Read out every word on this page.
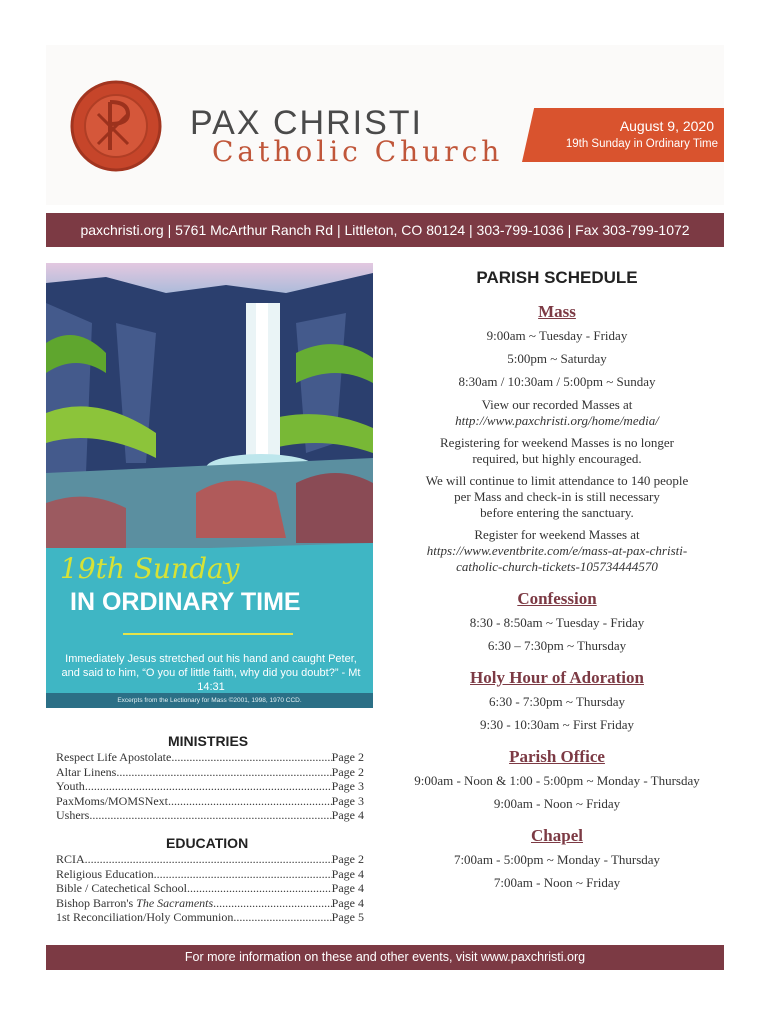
PAX CHRISTI
Catholic Church
August 9, 2020
19th Sunday in Ordinary Time
paxchristi.org | 5761 McArthur Ranch Rd | Littleton, CO 80124 | 303-799-1036 | Fax 303-799-1072
19th Sunday
IN ORDINARY TIME
Immediately Jesus stretched out his hand and caught Peter, and said to him, “O you of little faith, why did you doubt?” - Mt 14:31
Excerpts from the Lectionary for Mass ©2001, 1998, 1970 CCD.
MINISTRIES
Respect Life Apostolate .....	Page 2
Altar Linens .....	Page 2
Youth .....	Page 3
PaxMoms/MOMSNext .....	Page 3
Ushers .....	Page 4
EDUCATION
RCIA .....	Page 2
Religious Education .....	Page 4
Bible / Catechetical School .....	Page 4
Bishop Barron's The Sacraments .....	Page 4
1st Reconciliation/Holy Communion .....	Page 5
PARISH SCHEDULE
Mass
9:00am ~ Tuesday - Friday
5:00pm ~ Saturday
8:30am / 10:30am / 5:00pm ~ Sunday
View our recorded Masses at
http://www.paxchristi.org/home/media/
Registering for weekend Masses is no longer
required, but highly encouraged.
We will continue to limit attendance to 140 people
per Mass and check-in is still necessary
before entering the sanctuary.
Register for weekend Masses at
https://www.eventbrite.com/e/mass-at-pax-christi-
catholic-church-tickets-105734444570
Confession
8:30 - 8:50am ~ Tuesday - Friday
6:30 – 7:30pm ~ Thursday
Holy Hour of Adoration
6:30 - 7:30pm ~ Thursday
9:30 - 10:30am ~ First Friday
Parish Office
9:00am - Noon & 1:00 - 5:00pm ~ Monday - Thursday
9:00am - Noon ~ Friday
Chapel
7:00am - 5:00pm ~ Monday - Thursday
7:00am - Noon ~ Friday
For more information on these and other events, visit www.paxchristi.org
